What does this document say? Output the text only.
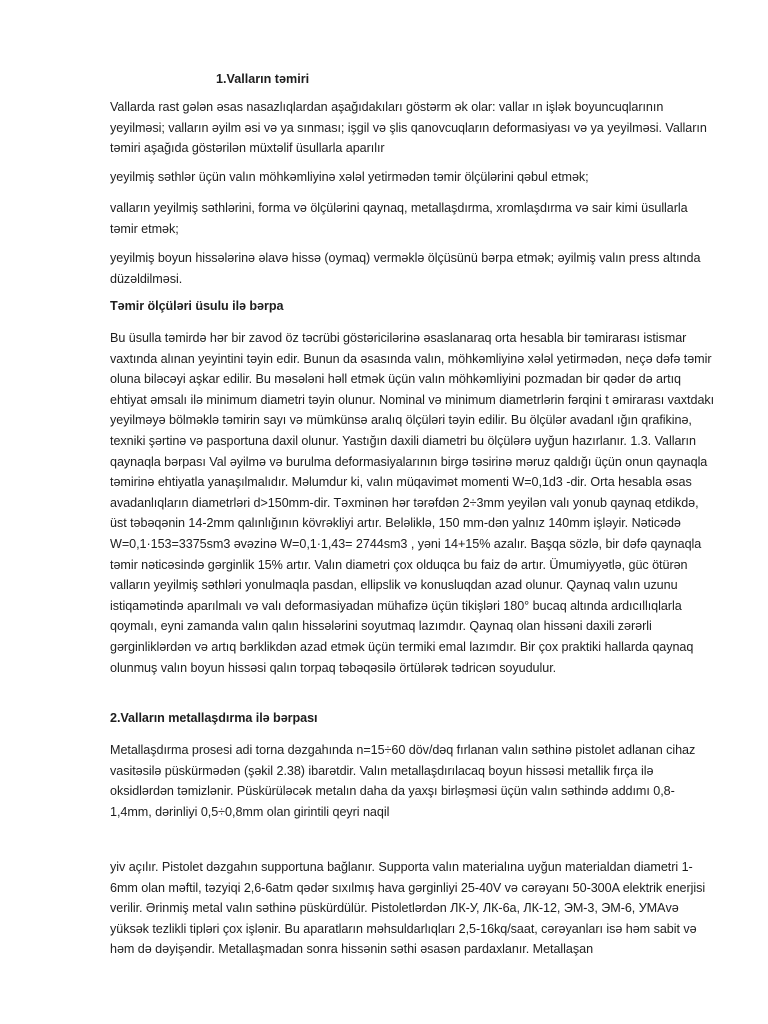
1.Valların təmiri

Vallarda rast gələn əsas nasazlıqlardan aşağıdakıları göstərm ək olar: vallar ın işlək boyuncuqlarının yeyilməsi; valların əyilm əsi və ya sınması; işgil və şlis qanovcuqların deformasiyası və ya yeyilməsi. Valların təmiri aşağıda göstərilən müxtəlif üsullarla aparılır

yeyilmiş səthlər üçün valın möhkəmliyinə xələl yetirmədən təmir ölçülərini qəbul etmək;

valların yeyilmiş səthlərini, forma və ölçülərini qaynaq, metallaşdırma, xromlaşdırma və sair kimi üsullarla təmir etmək;

yeyilmiş boyun hissələrinə əlavə hissə (oymaq) verməklə ölçüsünü bərpa etmək; əyilmiş valın press altında düzəldilməsi.

Təmir ölçüləri üsulu ilə bərpa

Bu üsulla təmirdə hər bir zavod öz təcrübi göstəricilərinə əsaslanaraq orta hesabla bir təmirarası istismar vaxtında alınan yeyintini təyin edir. Bunun da əsasında valın, möhkəmliyinə xələl yetirmədən, neçə dəfə təmir oluna biləcəyi aşkar edilir. Bu məsələni həll etmək üçün valın möhkəmliyini pozmadan bir qədər də artıq ehtiyat əmsalı ilə minimum diametri təyin olunur. Nominal və minimum diametrlərin fərqini t əmirarası vaxtdakı yeyilməyə bölməklə təmirin sayı və mümkünsə aralıq ölçüləri təyin edilir. Bu ölçülər avadanl ığın qrafikinə, texniki şərtinə və pasportuna daxil olunur. Yastığın daxili diametri bu ölçülərə uyğun hazırlanır. 1.3. Valların qaynaqla bərpası Val əyilmə və burulma deformasiyalarının birgə təsirinə məruz qaldığı üçün onun qaynaqla təmirinə ehtiyatla yanaşılmalıdır. Məlumdur ki, valın müqavimət momenti W=0,1d3 -dir. Orta hesabla əsas avadanlıqların diametrləri d>150mm-dir. Təxminən hər tərəfdən 2÷3mm yeyilən valı yonub qaynaq etdikdə, üst təbəqənin 14-2mm qalınlığının kövrəkliyi artır. Beləliklə, 150 mm-dən yalnız 140mm işləyir. Nəticədə W=0,1·153=3375sm3 əvəzinə W=0,1·1,43= 2744sm3 , yəni 14+15% azalır. Başqa sözlə, bir dəfə qaynaqla təmir nəticəsində gərginlik 15% artır. Valın diametri çox olduqca bu faiz də artır. Ümumiyyətlə, güc ötürən valların yeyilmiş səthləri yonulmaqla pasdan, ellipslik və konusluqdan azad olunur. Qaynaq valın uzunu istiqamətində aparılmalı və valı deformasiyadan mühafizə üçün tikişləri 180° bucaq altında ardıcıllıqlarla qoymalı, eyni zamanda valın qalın hissələrini soyutmaq lazımdır. Qaynaq olan hissəni daxili zərərli gərginliklərdən və artıq bərklikdən azad etmək üçün termiki emal lazımdır. Bir çox praktiki hallarda qaynaq olunmuş valın boyun hissəsi qalın torpaq təbəqəsilə örtülərək tədricən soyudulur.

2.Valların metallaşdırma ilə bərpası

Metallaşdırma prosesi adi torna dəzgahında n=15÷60 döv/dəq fırlanan valın səthinə pistolet adlanan cihaz vasitəsilə püskürmədən (şəkil 2.38) ibarətdir. Valın metallaşdırılacaq boyun hissəsi metallik fırça ilə oksidlərdən təmizlənir. Püskürüləcək metalın daha da yaxşı birləşməsi üçün valın səthində addımı 0,8-1,4mm, dərinliyi 0,5÷0,8mm olan girintili qeyri naqil

yiv açılır. Pistolet dəzgahın supportuna bağlanır. Supporta valın materialına uyğun materialdan diametri 1- 6mm olan məftil, təzyiqi 2,6-6atm qədər sıxılmış hava gərginliyi 25-40V və cərəyanı 50-300A elektrik enerjisi verilir. Ərinmiş metal valın səthinə püskürdülür. Pistoletlərdən ЛК-У, ЛК-6а, ЛК-12, ЭМ-3, ЭМ-6, УМАvə yüksək tezlikli tipləri çox işlənir. Bu aparatların məhsuldarlıqları 2,5-16kq/saat, cərəyanları isə həm sabit və həm də dəyişəndir. Metallaşmadan sonra hissənin səthi əsasən pardaxlanır. Metallaşan
